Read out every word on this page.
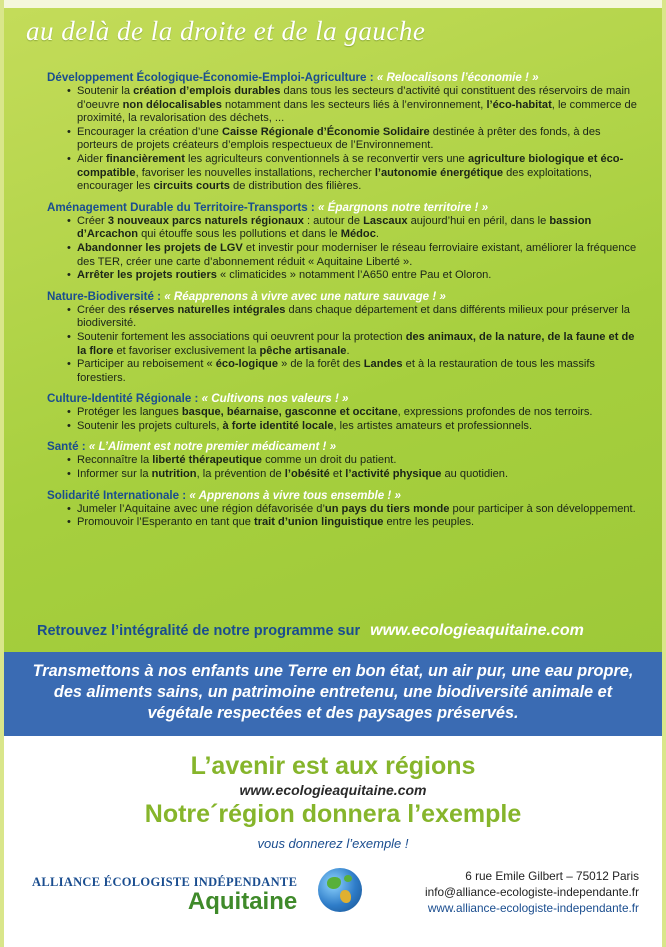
au delà de la droite et de la gauche
Développement Écologique-Économie-Emploi-Agriculture : « Relocalisons l’économie ! »
• Soutenir la création d’emplois durables dans tous les secteurs d’activité qui constituent des réservoirs de main d’oeuvre non délocalisables notamment dans les secteurs liés à l’environnement, l’éco-habitat, le commerce de proximité, la revalorisation des déchets, ...
• Encourager la création d’une Caisse Régionale d’Économie Solidaire destinée à prêter des fonds, à des porteurs de projets créateurs d’emplois respectueux de l’Environnement.
• Aider financièrement les agriculteurs conventionnels à se reconvertir vers une agriculture biologique et éco-compatible, favoriser les nouvelles installations, rechercher l’autonomie énergétique des exploitations, encourager les circuits courts de distribution des filières.
Aménagement Durable du Territoire-Transports : « Épargnons notre territoire ! »
• Créer 3 nouveaux parcs naturels régionaux : autour de Lascaux aujourd’hui en péril, dans le bassion d’Arcachon qui étouffe sous les pollutions et dans le Médoc.
• Abandonner les projets de LGV et investir pour moderniser le réseau ferroviaire existant, améliorer la fréquence des TER, créer une carte d’abonnement réduit « Aquitaine Liberté ».
• Arrêter les projets routiers « climaticides » notamment l’A650 entre Pau et Oloron.
Nature-Biodiversité : « Réapprenons à vivre avec une nature sauvage ! »
• Créer des réserves naturelles intégrales dans chaque département et dans différents milieux pour préserver la biodiversité.
• Soutenir fortement les associations qui oeuvrent pour la protection des animaux, de la nature, de la faune et de la flore et favoriser exclusivement la pêche artisanale.
• Participer au reboisement « éco-logique » de la forêt des Landes et à la restauration de tous les massifs forestiers.
Culture-Identité Régionale : « Cultivons nos valeurs ! »
• Protéger les langues basque, béarnaise, gasconne et occitane, expressions profondes de nos terroirs.
• Soutenir les projets culturels, à forte identité locale, les artistes amateurs et professionnels.
Santé : « L’Aliment est notre premier médicament ! »
• Reconnaître la liberté thérapeutique comme un droit du patient.
• Informer sur la nutrition, la prévention de l’obésité et l’activité physique au quotidien.
Solidarité Internationale : « Apprenons à vivre tous ensemble ! »
• Jumeler l’Aquitaine avec une région défavorisée d’un pays du tiers monde pour participer à son développement.
• Promouvoir l’Esperanto en tant que trait d’union linguistique entre les peuples.
Retrouvez l’intégralité de notre programme sur www.ecologieaquitaine.com

Transmettons à nos enfants une Terre en bon état, un air pur, une eau propre, des aliments sains, un patrimoine entretenu, une biodiversité animale et végétale respectées et des paysages préservés.

L’avenir est aux régions
www.ecologieaquitaine.com
Notre´région donnera l’exemple
vous donnerez l’exemple !
ALLIANCE ÉCOLOGISTE INDÉPENDANTE
Aquitaine
6 rue Emile Gilbert – 75012 Paris
info@alliance-ecologiste-independante.fr
www.alliance-ecologiste-independante.fr
